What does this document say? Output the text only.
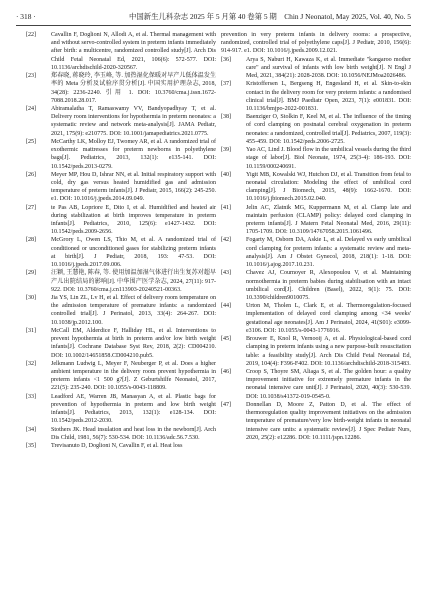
· 318 ·	中国新生儿科杂志 2025 年 5 月第 40 卷第 5 期　Chin J Neonatol, May 2025, Vol. 40, No. 5
[22] Cavallin F, Doglioni N, Allodi A, et al. Thermal management with and without servo-controlled system in preterm infants immediately after birth: a multicentre, randomized controlled study[J]. Arch Dis Child Fetal Neonatal Ed, 2021, 106(6): 572-577. DOI: 10.1136/archdischild-2020-320567.
[23] 郑春晓, 蒋晓玲, 李玉峰, 等. 加热湿化保暖对早产儿低体温发生率的 Meta 分析及试验序贯分析[J]. 中国实用护理杂志, 2018, 34(28): 2236-2240. 引用 1. DOI: 10.3760/cma.j.issn.1672-7088.2018.28.017.
[24] Abiramalatha T, Ramaswamy VV, Bandyopadhyay T, et al. Delivery room interventions for hypothermia in preterm neonates: a systematic review and network meta-analysis[J]. JAMA Pediatr, 2021, 175(9): e210775. DOI: 10.1001/jamapediatrics.2021.0775.
[25] McCarthy LK, Molloy EJ, Twomey AR, et al. A randomized trial of exothermic mattresses for preterm newborns in polyethylene bags[J]. Pediatrics, 2013, 132(1): e135-141. DOI: 10.1542/peds.2013-0279.
[26] Meyer MP, Hou D, Ishrar NN, et al. Initial respiratory support with cold, dry gas versus heated humidified gas and admission temperature of preterm infants[J]. J Pediatr, 2015, 166(2): 245-250. e1. DOI: 10.1016/j.jpeds.2014.09.049.
[27] te Pas AB, Lopriore E, Dito I, et al. Humidified and heated air during stabilization at birth improves temperature in preterm infants[J]. Pediatrics, 2010, 125(6): e1427-1432. DOI: 10.1542/peds.2009-2656.
[28] McGrory L, Owen LS, Thio M, et al. A randomized trial of conditioned or unconditioned gases for stabilizing preterm infants at birth[J]. J Pediatr, 2018, 193: 47-53. DOI: 10.1016/j.jpeds.2017.09.006.
[29] 汪颖, 王慧艳, 陈春, 等. 使用加温加湿气体进行出生复苏对超早产儿出院结局的影响[J]. 中华围产医学杂志, 2024, 27(11): 917-922. DOI: 10.3760/cma.j.cn113903-20240521-00363.
[30] Jia YS, Lin ZL, Lv H, et al. Effect of delivery room temperature on the admission temperature of premature infants: a randomized controlled trial[J]. J Perinatol, 2013, 33(4): 264-267. DOI: 10.1038/jp.2012.100.
[31] McCall EM, Alderdice F, Halliday HL, et al. Interventions to prevent hypothermia at birth in preterm and/or low birth weight infants[J]. Cochrane Database Syst Rev, 2018, 2(2): CD004210. DOI: 10.1002/14651858.CD004210.pub5.
[32] Jelkmann Ludwig L, Meyer F, Neuberger P, et al. Does a higher ambient temperature in the delivery room prevent hypothermia in preterm infants <1 500 g?[J]. Z Geburtshilfe Neonatol, 2017, 221(5): 235-240. DOI: 10.1055/s-0043-118809.
[33] Leadford AE, Warren JB, Manasyan A, et al. Plastic bags for prevention of hypothermia in preterm and low birth weight infants[J]. Pediatrics, 2013, 132(1): e128-134. DOI: 10.1542/peds.2012-2030.
[34] Stothers JK. Head insulation and heat loss in the newborn[J]. Arch Dis Child, 1981, 56(7): 530-534. DOI: 10.1136/adc.56.7.530.
[35] Trevisanuto D, Doglioni N, Cavallin F, et al. Heat loss
prevention in very preterm infants in delivery rooms: a prospective, randomized, controlled trial of polyethylene caps[J]. J Pediatr, 2010, 156(6): 914-917. e1. DOI: 10.1016/j.jpeds.2009.12.021.
[36] Arya S, Naburi H, Kawaza K, et al. Immediate "kangaroo mother care" and survival of infants with low birth weight[J]. N Engl J Med, 2021, 384(21): 2028-2038. DOI: 10.1056/NEJMoa2026486.
[37] Kristoffersen L, Bergseng H, Engesland H, et al. Skin-to-skin contact in the delivery room for very preterm infants: a randomised clinical trial[J]. BMJ Paediatr Open, 2023, 7(1): e001831. DOI: 10.1136/bmjpo-2022-001831.
[38] Baenziger O, Stolkin F, Keel M, et al. The influence of the timing of cord clamping on postnatal cerebral oxygenation in preterm neonates: a randomized, controlled trial[J]. Pediatrics, 2007, 119(3): 455-459. DOI: 10.1542/peds.2006-2725.
[39] Yao AC, Lind J. Blood flow in the umbilical vessels during the third stage of labor[J]. Biol Neonate, 1974, 25(3-4): 186-193. DOI: 10.1159/000240691.
[40] Yigit MB, Kowalski WJ, Hutchon DJ, et al. Transition from fetal to neonatal circulation: Modeling the effect of umbilical cord clamping[J]. J Biomech, 2015, 48(9): 1662-1670. DOI: 10.1016/j.jbiomech.2015.02.040.
[41] Jelin AC, Zlatnik MG, Kuppermann M, et al. Clamp late and maintain perfusion (CLAMP) policy: delayed cord clamping in preterm infants[J]. J Matern Fetal Neonatal Med, 2016, 29(11): 1705-1709. DOI: 10.3109/14767058.2015.1061496.
[42] Fogarty M, Osborn DA, Askie L, et al. Delayed vs early umbilical cord clamping for preterm infants: a systematic review and meta-analysis[J]. Am J Obstet Gynecol, 2018, 218(1): 1-18. DOI: 10.1016/j.ajog.2017.10.231.
[43] Chavez AJ, Cournoyer R, Alexopoulou V, et al. Maintaining normothermia in preterm babies during stabilisation with an intact umbilical cord[J]. Children (Basel), 2022, 9(1): 75. DOI: 10.3390/children9010075.
[44] Urton M, Tholen L, Clark E, et al. Thermoregulation-focused implementation of delayed cord clamping among <34 weeks' gestational age neonates[J]. Am J Perinatol, 2024, 41(S01): e3099-e3106. DOI: 10.1055/s-0043-1776916.
[45] Brouwer E, Knol R, Vernooij A, et al. Physiological-based cord clamping in preterm infants using a new purpose-built resuscitation table: a feasibility study[J]. Arch Dis Child Fetal Neonatal Ed, 2019, 104(4): F396-F402. DOI: 10.1136/archdischild-2018-315483.
[46] Croop S, Thoyre SM, Aliaga S, et al. The golden hour: a quality improvement initiative for extremely premature infants in the neonatal intensive care unit[J]. J Perinatol, 2020, 40(3): 530-539. DOI: 10.1038/s41372-019-0545-0.
[47] Donnellan D, Moore Z, Patton D, et al. The effect of thermoregulation quality improvement initiatives on the admission temperature of premature/very low birth-weight infants in neonatal intensive care units: a systematic review[J]. J Spec Pediatr Nurs, 2020, 25(2): e12286. DOI: 10.1111/jspn.12286.
